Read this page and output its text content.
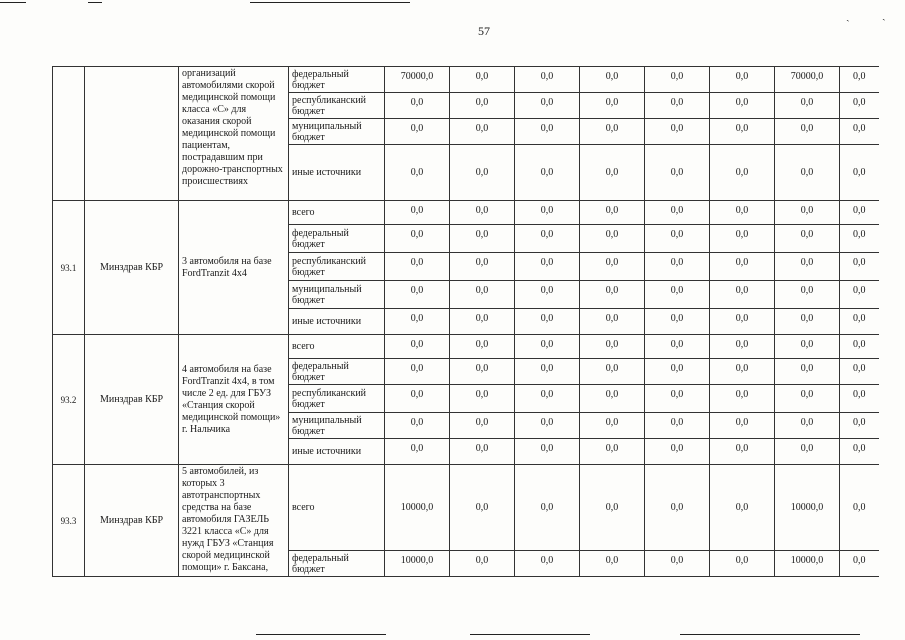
ˎ	ˏ
57
		организаций автомобилями скорой медицинской помощи класса «С» для оказания скорой медицинской помощи пациентам, пострадавшим при дорожно-транспортных происшествиях	федеральный бюджет	70000,0	0,0	0,0	0,0	0,0	0,0	70000,0	0,0
			республиканский бюджет	0,0	0,0	0,0	0,0	0,0	0,0	0,0	0,0
			муниципальный бюджет	0,0	0,0	0,0	0,0	0,0	0,0	0,0	0,0
			иные источники	0,0	0,0	0,0	0,0	0,0	0,0	0,0	0,0
93.1	Минздрав КБР	3 автомобиля на базе FordTranzit 4x4	всего	0,0	0,0	0,0	0,0	0,0	0,0	0,0	0,0
			федеральный бюджет	0,0	0,0	0,0	0,0	0,0	0,0	0,0	0,0
			республиканский бюджет	0,0	0,0	0,0	0,0	0,0	0,0	0,0	0,0
			муниципальный бюджет	0,0	0,0	0,0	0,0	0,0	0,0	0,0	0,0
			иные источники	0,0	0,0	0,0	0,0	0,0	0,0	0,0	0,0
93.2	Минздрав КБР	4 автомобиля на базе FordTranzit 4x4, в том числе 2 ед. для ГБУЗ «Станция скорой медицинской помощи» г. Нальчика	всего	0,0	0,0	0,0	0,0	0,0	0,0	0,0	0,0
			федеральный бюджет	0,0	0,0	0,0	0,0	0,0	0,0	0,0	0,0
			республиканский бюджет	0,0	0,0	0,0	0,0	0,0	0,0	0,0	0,0
			муниципальный бюджет	0,0	0,0	0,0	0,0	0,0	0,0	0,0	0,0
			иные источники	0,0	0,0	0,0	0,0	0,0	0,0	0,0	0,0
93.3	Минздрав КБР	5 автомобилей, из которых 3 автотранспортных средства на базе автомобиля ГАЗЕЛЬ 3221 класса «С» для нужд ГБУЗ «Станция скорой медицинской помощи» г. Баксана,	всего	10000,0	0,0	0,0	0,0	0,0	0,0	10000,0	0,0
			федеральный бюджет	10000,0	0,0	0,0	0,0	0,0	0,0	10000,0	0,0
